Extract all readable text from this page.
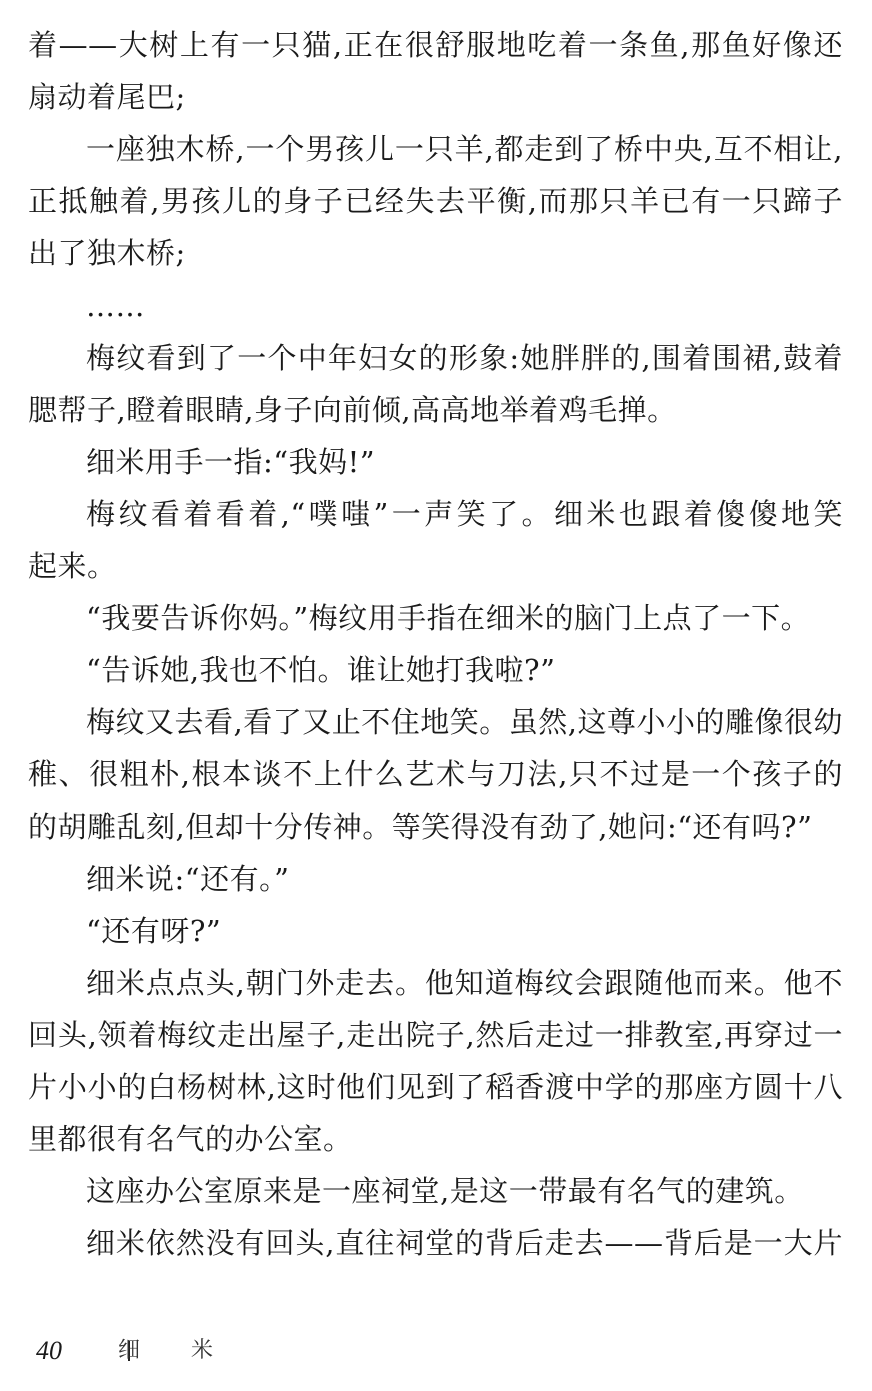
着——大树上有一只猫,正在很舒服地吃着一条鱼,那鱼好像还
扇动着尾巴;
一座独木桥,一个男孩儿一只羊,都走到了桥中央,互不相让,
正抵触着,男孩儿的身子已经失去平衡,而那只羊已有一只蹄子
出了独木桥;
……
梅纹看到了一个中年妇女的形象:她胖胖的,围着围裙,鼓着
腮帮子,瞪着眼睛,身子向前倾,高高地举着鸡毛掸。
细米用手一指:“我妈!”
梅纹看着看着,“噗嗤”一声笑了。细米也跟着傻傻地笑
起来。
“我要告诉你妈。”梅纹用手指在细米的脑门上点了一下。
“告诉她,我也不怕。谁让她打我啦?”
梅纹又去看,看了又止不住地笑。虽然,这尊小小的雕像很幼
稚、很粗朴,根本谈不上什么艺术与刀法,只不过是一个孩子的
的胡雕乱刻,但却十分传神。等笑得没有劲了,她问:“还有吗?”
细米说:“还有。”
“还有呀?”
细米点点头,朝门外走去。他知道梅纹会跟随他而来。他不
回头,领着梅纹走出屋子,走出院子,然后走过一排教室,再穿过一
片小小的白杨树林,这时他们见到了稻香渡中学的那座方圆十八
里都很有名气的办公室。
这座办公室原来是一座祠堂,是这一带最有名气的建筑。
细米依然没有回头,直往祠堂的背后走去——背后是一大片
40	细 米
